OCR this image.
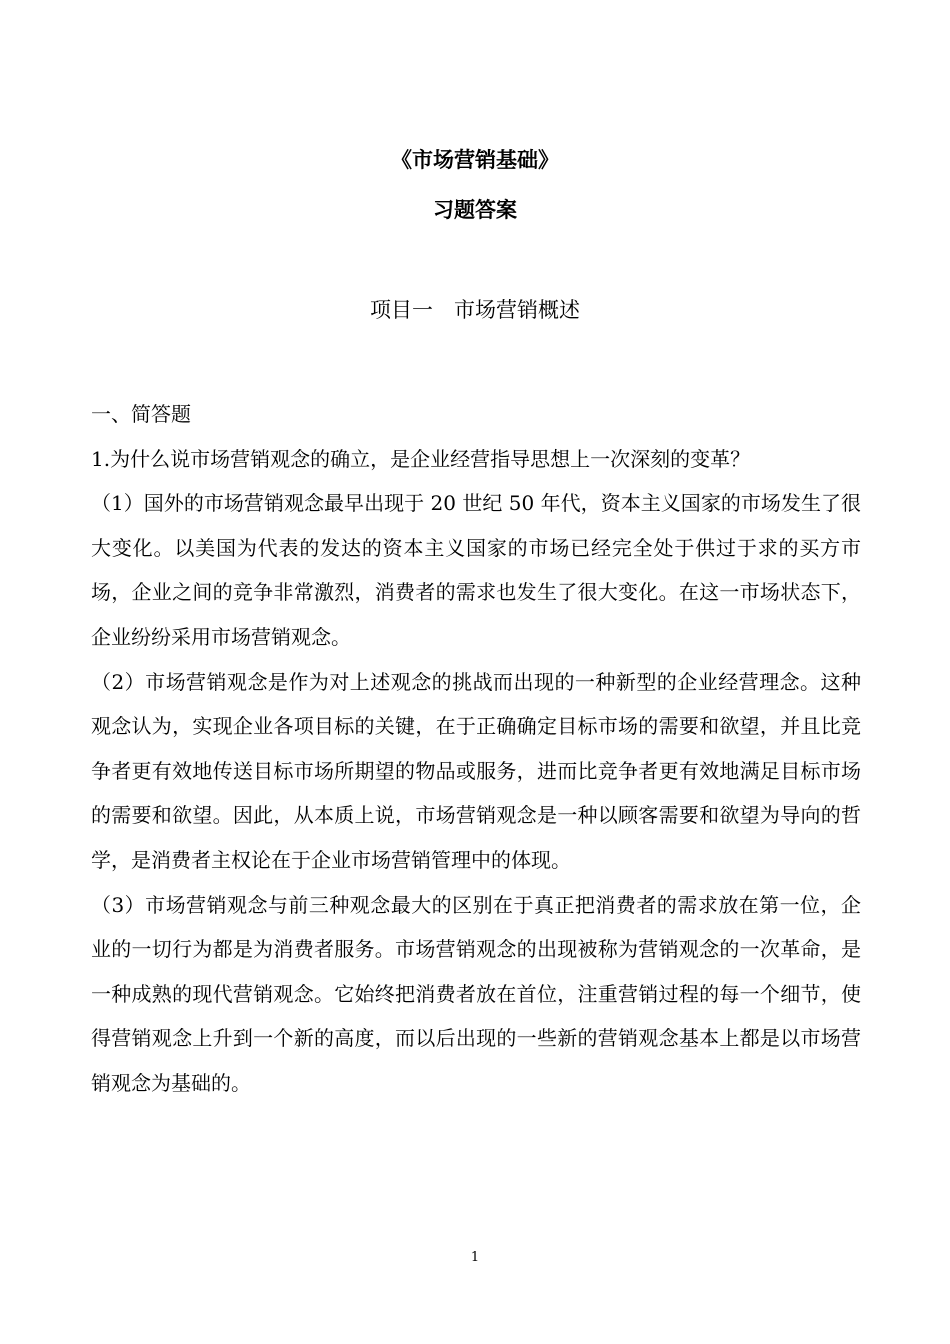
《市场营销基础》
习题答案
项目一　市场营销概述

一、简答题

1.为什么说市场营销观念的确立，是企业经营指导思想上一次深刻的变革？

（1）国外的市场营销观念最早出现于 20 世纪 50 年代，资本主义国家的市场发生了很大变化。以美国为代表的发达的资本主义国家的市场已经完全处于供过于求的买方市场，企业之间的竞争非常激烈，消费者的需求也发生了很大变化。在这一市场状态下，企业纷纷采用市场营销观念。

（2）市场营销观念是作为对上述观念的挑战而出现的一种新型的企业经营理念。这种观念认为，实现企业各项目标的关键，在于正确确定目标市场的需要和欲望，并且比竞争者更有效地传送目标市场所期望的物品或服务，进而比竞争者更有效地满足目标市场的需要和欲望。因此，从本质上说，市场营销观念是一种以顾客需要和欲望为导向的哲学，是消费者主权论在于企业市场营销管理中的体现。

（3）市场营销观念与前三种观念最大的区别在于真正把消费者的需求放在第一位，企业的一切行为都是为消费者服务。市场营销观念的出现被称为营销观念的一次革命，是一种成熟的现代营销观念。它始终把消费者放在首位，注重营销过程的每一个细节，使得营销观念上升到一个新的高度，而以后出现的一些新的营销观念基本上都是以市场营销观念为基础的。

1
